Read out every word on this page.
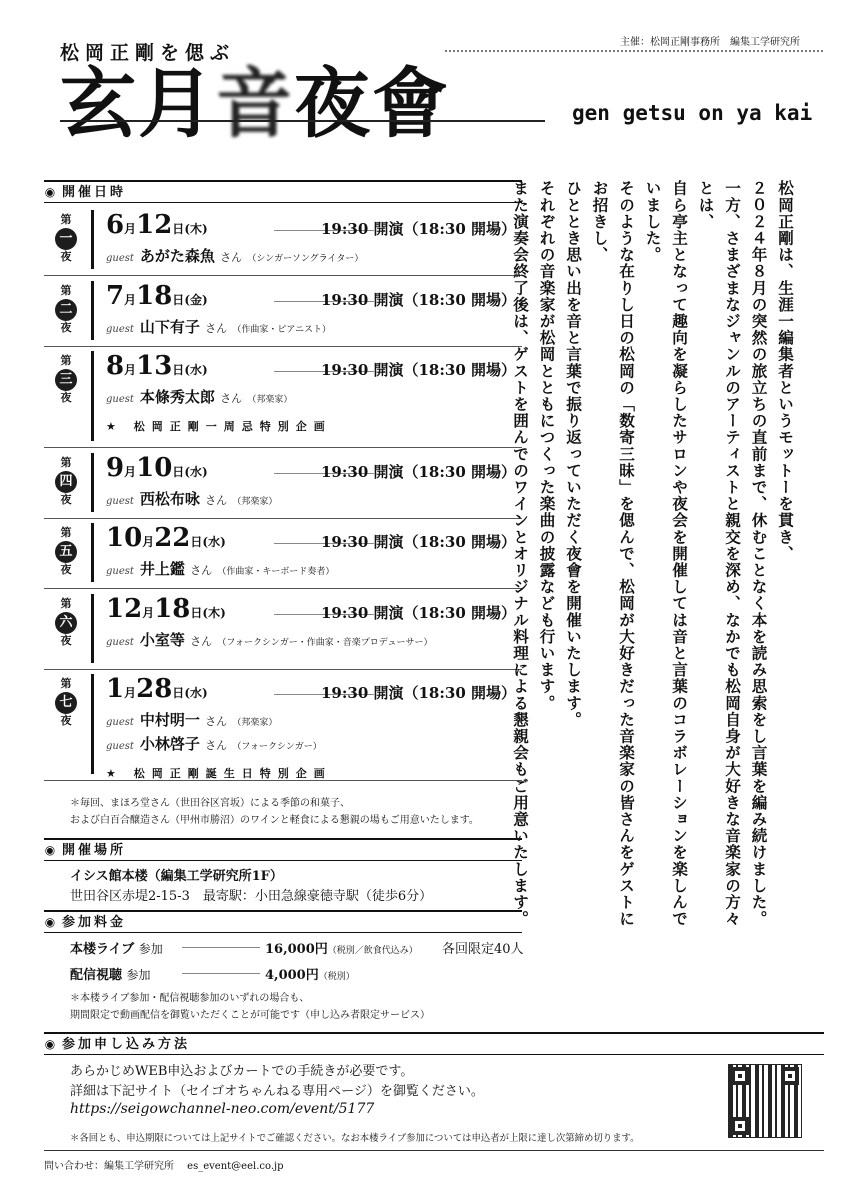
松岡正剛を偲ぶ	主催：松岡正剛事務所　編集工学研究所
玄月音夜會	gen getsu on ya kai
◉ 開催日時
第
一
夜
6月12日(木)	19:30 開演（18:30 開場）
guest あがた森魚 さん （シンガーソングライター）
第
二
夜
7月18日(金)	19:30 開演（18:30 開場）
guest 山下有子 さん （作曲家・ピアニスト）
第
三
夜
8月13日(水)	19:30 開演（18:30 開場）
guest 本條秀太郎 さん （邦楽家）
★ 松岡正剛一周忌特別企画
第
四
夜
9月10日(水)	19:30 開演（18:30 開場）
guest 西松布咏 さん （邦楽家）
第
五
夜
10月22日(水)	19:30 開演（18:30 開場）
guest 井上鑑 さん （作曲家・キーボード奏者）
第
六
夜
12月18日(木)	19:30 開演（18:30 開場）
guest 小室等 さん （フォークシンガー・作曲家・音楽プロデューサー）
第
七
夜
1月28日(水)	19:30 開演（18:30 開場）
guest 中村明一 さん （邦楽家）
guest 小林啓子 さん （フォークシンガー）
★ 松岡正剛誕生日特別企画
＊毎回、まほろ堂さん（世田谷区宮坂）による季節の和菓子、
および白百合醸造さん（甲州市勝沼）のワインと軽食による懇親の場もご用意いたします。
◉ 開催場所
イシス館本楼（編集工学研究所1F）
世田谷区赤堤2-15-3　最寄駅：小田急線豪徳寺駅（徒歩6分）
◉ 参加料金
本楼ライブ 参加	16,000円（税別／飲食代込み） 各回限定40人
配信視聴 参加	4,000円（税別）
＊本楼ライブ参加・配信視聴参加のいずれの場合も、
期間限定で動画配信を御覧いただくことが可能です（申し込み者限定サービス）
◉ 参加申し込み方法
あらかじめWEB申込およびカートでの手続きが必要です。
詳細は下記サイト（セイゴオちゃんねる専用ページ）を御覧ください。
https://seigowchannel-neo.com/event/5177
＊各回とも、申込期限については上記サイトでご確認ください。なお本楼ライブ参加については申込者が上限に達し次第締め切ります。
問い合わせ：編集工学研究所　 es_event@eel.co.jp

松岡正剛は、生涯一編集者というモットーを貫き、

２０２４年８月の突然の旅立ちの直前まで、休むことなく本を読み思索をし言葉を編み続けました。

一方、さまざまなジャンルのアーティストと親交を深め、なかでも松岡自身が大好きな音楽家の方々とは、

自ら亭主となって趣向を凝らしたサロンや夜会を開催しては音と言葉のコラボレーションを楽しんでいました。

そのような在りし日の松岡の「数寄三昧」を偲んで、松岡が大好きだった音楽家の皆さんをゲストにお招きし、

ひととき思い出を音と言葉で振り返っていただく夜會を開催いたします。

それぞれの音楽家が松岡とともにつくった楽曲の披露なども行います。

また演奏会終了後は、ゲストを囲んでのワインとオリジナル料理による懇親会もご用意いたします。
